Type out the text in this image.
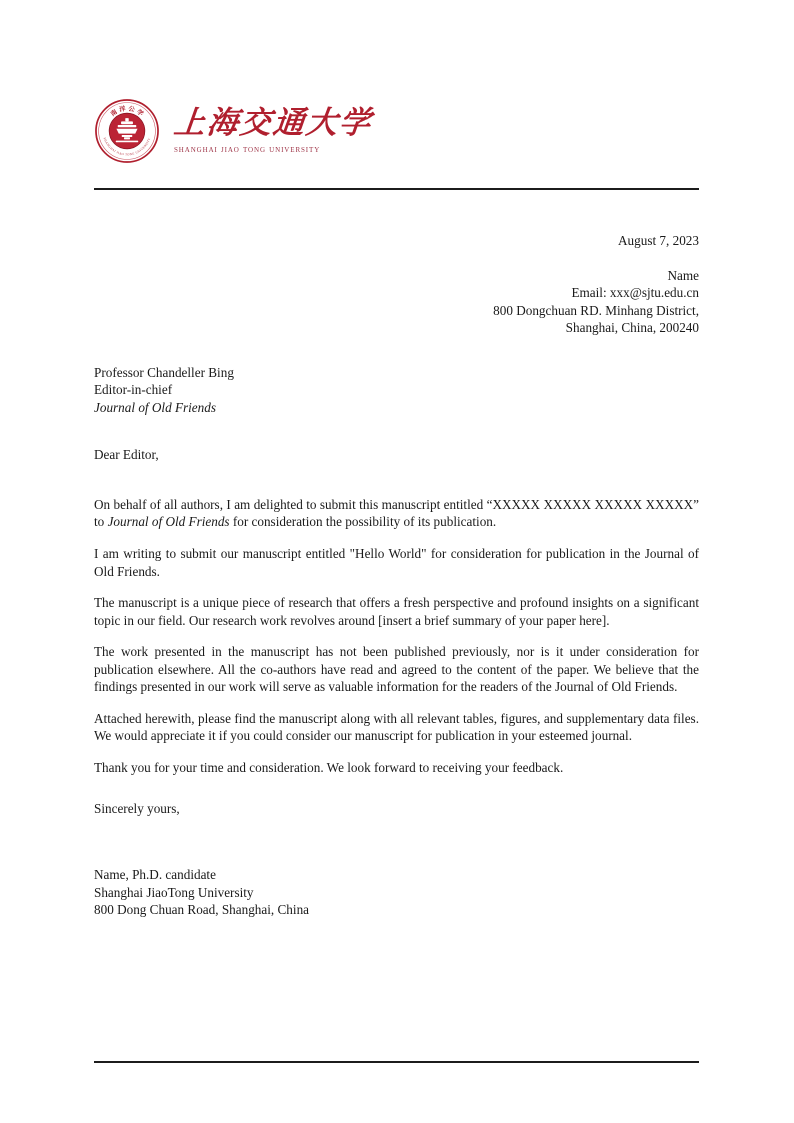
南 洋 公 学
SHANGHAI JIAO TONG UNIVERSITY 上海交通大学
shanghai jiao tong university
August 7, 2023
Name
Email: xxx@sjtu.edu.cn
800 Dongchuan RD. Minhang District,
Shanghai, China, 200240
Professor Chandeller Bing
Editor-in-chief
Journal of Old Friends
Dear Editor,

On behalf of all authors, I am delighted to submit this manuscript entitled “XXXXX XXXXX XXXXX XXXXX” to Journal of Old Friends for consideration the possibility of its publication.

I am writing to submit our manuscript entitled "Hello World" for consideration for publication in the Journal of Old Friends.

The manuscript is a unique piece of research that offers a fresh perspective and profound insights on a significant topic in our field. Our research work revolves around [insert a brief summary of your paper here].

The work presented in the manuscript has not been published previously, nor is it under consideration for publication elsewhere. All the co-authors have read and agreed to the content of the paper. We believe that the findings presented in our work will serve as valuable information for the readers of the Journal of Old Friends.

Attached herewith, please find the manuscript along with all relevant tables, figures, and supplementary data files. We would appreciate it if you could consider our manuscript for publication in your esteemed journal.

Thank you for your time and consideration. We look forward to receiving your feedback.

Sincerely yours,
Name, Ph.D. candidate
Shanghai JiaoTong University
800 Dong Chuan Road, Shanghai, China
